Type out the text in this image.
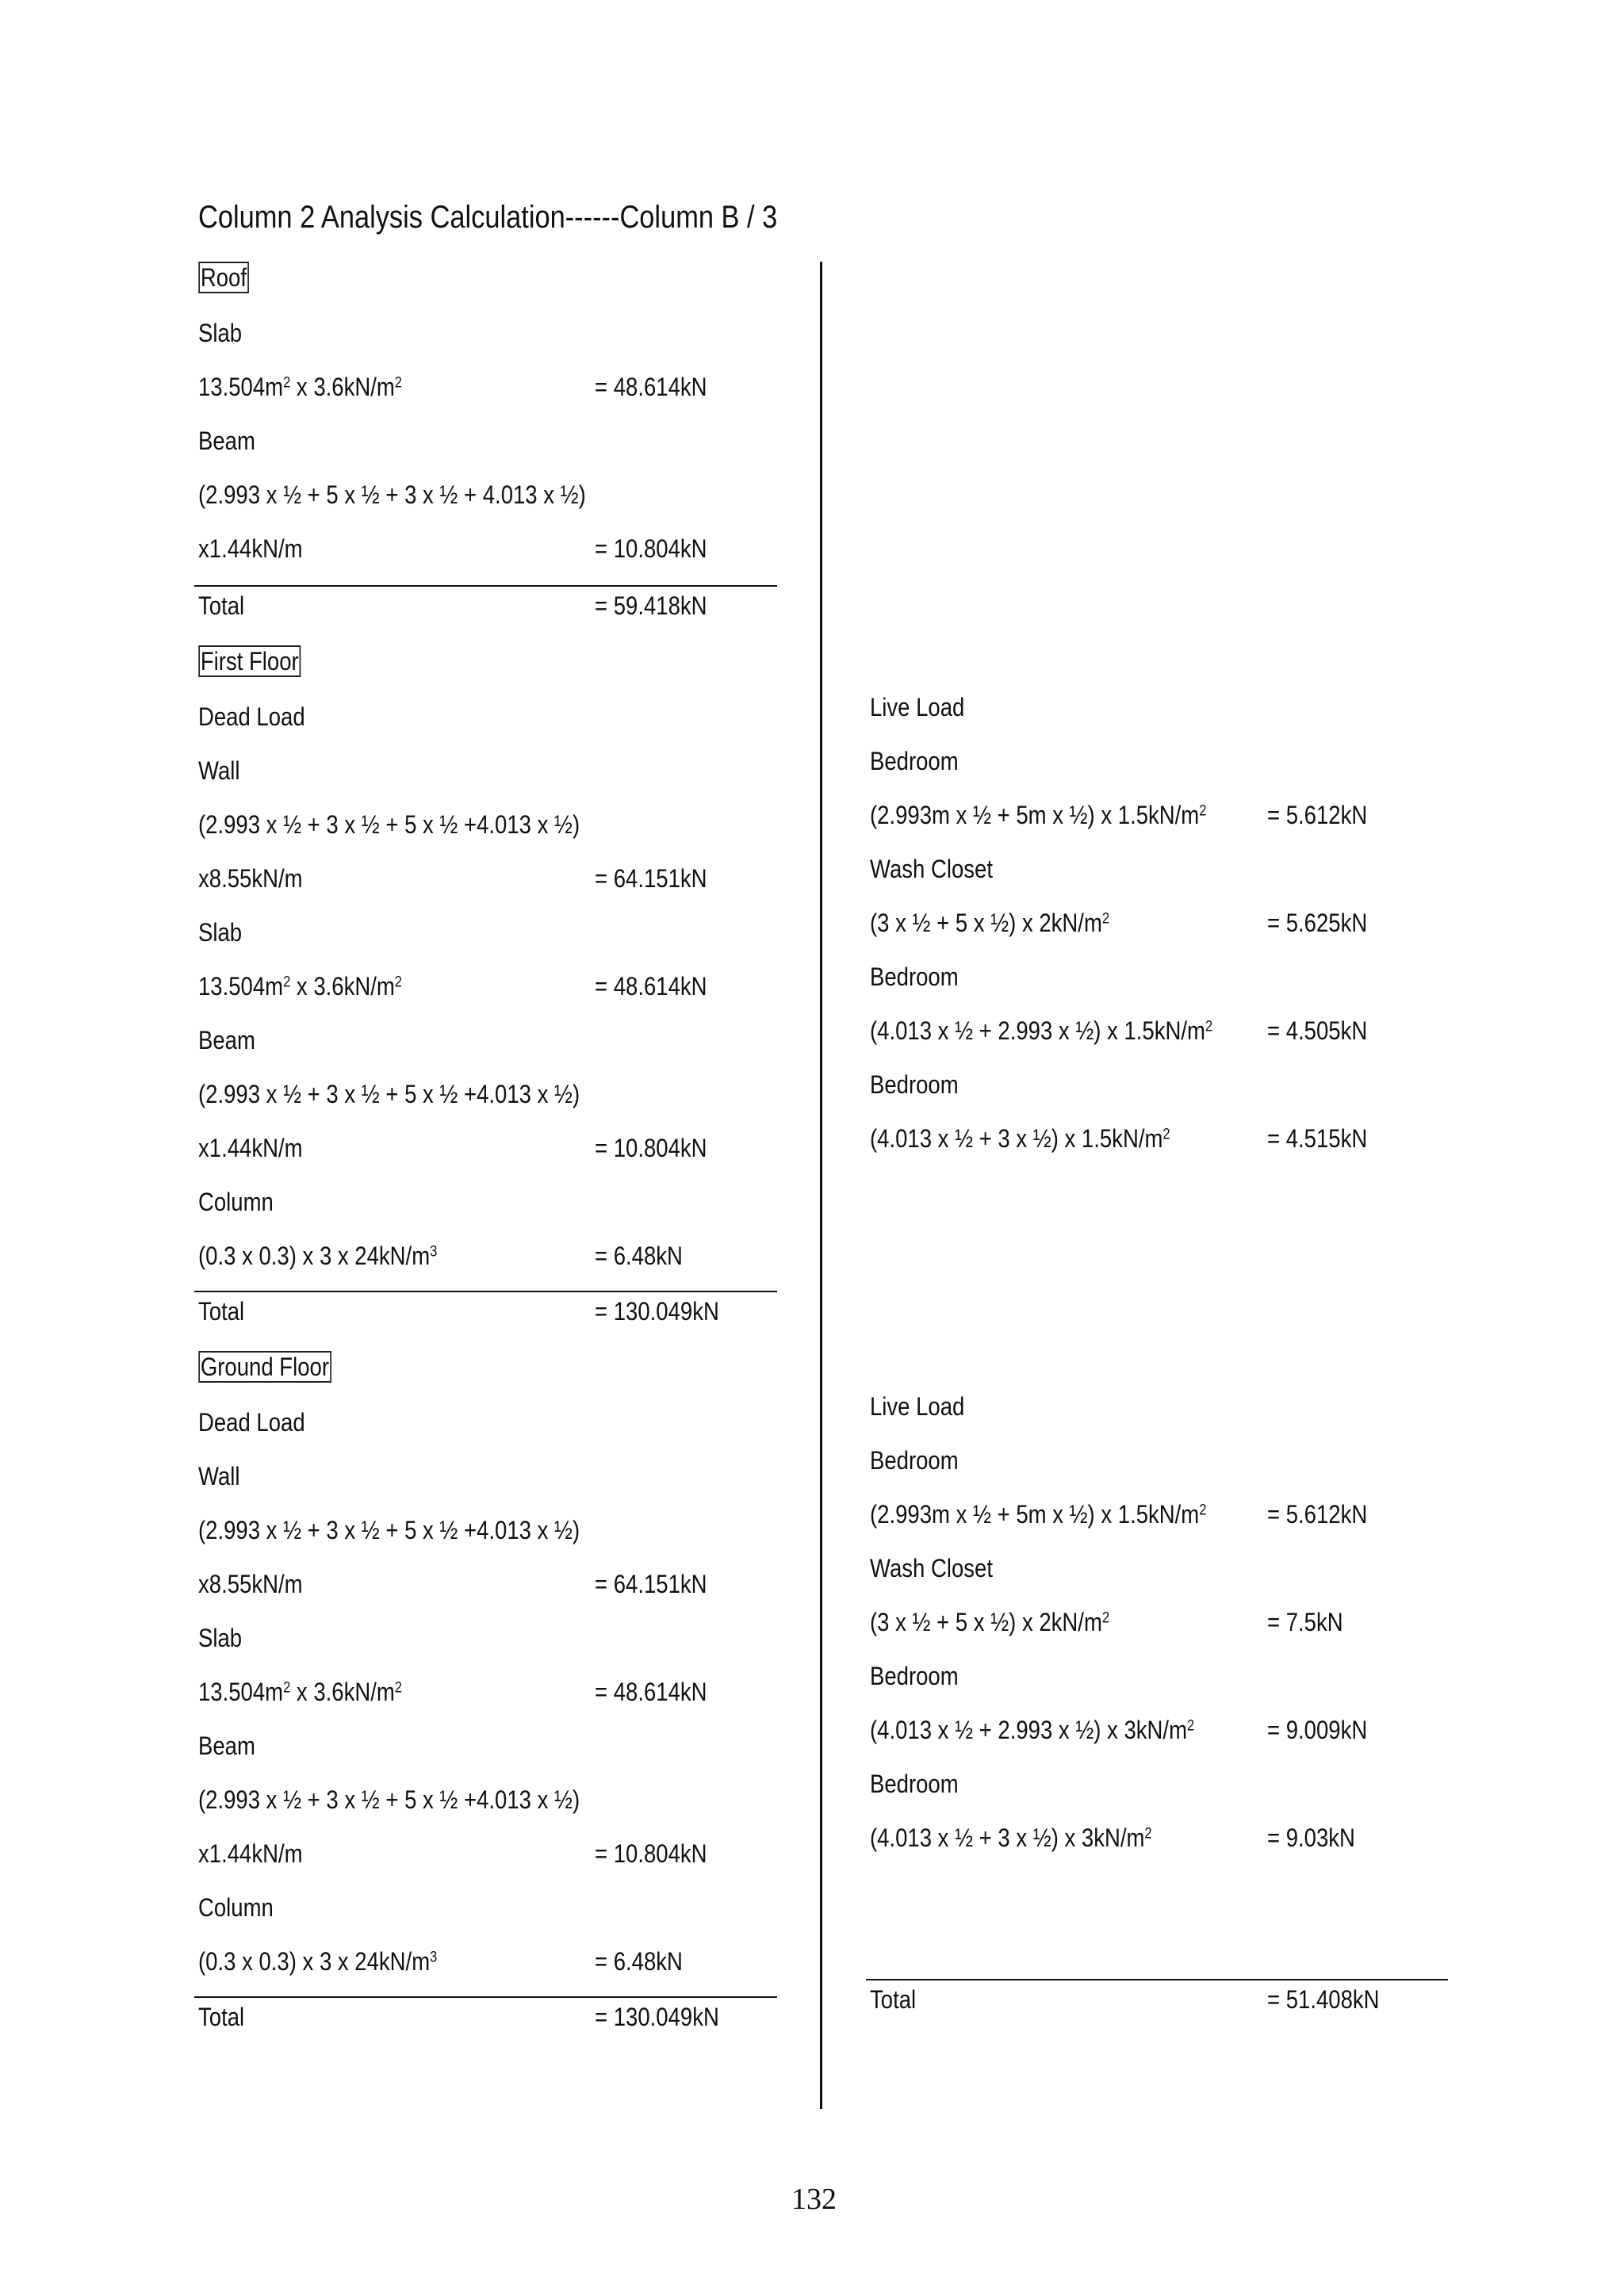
Column 2 Analysis Calculation------Column B / 3
Roof
Slab
$13.504m^2$ x $3.6kN/m^2$	= 48.614kN
Beam
(2.993 x ½ + 5 x ½ + 3 x ½ + 4.013 x ½)
x1.44kN/m	= 10.804kN
Total	= 59.418kN
First Floor
Dead Load
Wall
(2.993 x ½ + 3 x ½ + 5 x ½ +4.013 x ½)
x8.55kN/m	= 64.151kN
Slab
$13.504m^2$ x $3.6kN/m^2$	= 48.614kN
Beam
(2.993 x ½ + 3 x ½ + 5 x ½ +4.013 x ½)
x1.44kN/m	= 10.804kN
Column
(0.3 x 0.3) x 3 x $24kN/m^3$	= 6.48kN
Total	= 130.049kN
Live Load
Bedroom
(2.993m x ½ + 5m x ½) x $1.5kN/m^2 = 5.612kN$
Wash Closet
(3 x ½ + 5 x ½) x $2kN/m^2$	= 5.625kN
Bedroom
(4.013 x ½ + 2.993 x ½) x $1.5kN/m^2 = 4.505kN$
Bedroom
(4.013 x ½ + 3 x ½) x $1.5kN/m^2$	= 4.515kN
Ground Floor
Dead Load
Wall
(2.993 x ½ + 3 x ½ + 5 x ½ +4.013 x ½)
x8.55kN/m	= 64.151kN
Slab
$13.504m^2$ x $3.6kN/m^2$	= 48.614kN
Beam
(2.993 x ½ + 3 x ½ + 5 x ½ +4.013 x ½)
x1.44kN/m	= 10.804kN
Column
(0.3 x 0.3) x 3 x $24kN/m^3$	= 6.48kN
Total	= 130.049kN
Live Load
Bedroom
(2.993m x ½ + 5m x ½) x $1.5kN/m^2 = 5.612kN$
Wash Closet
(3 x ½ + 5 x ½) x $2kN/m^2$	= 7.5kN
Bedroom
(4.013 x ½ + 2.993 x ½) x $3kN/m^2$	= 9.009kN
Bedroom
(4.013 x ½ + 3 x ½) x $3kN/m^2$	= 9.03kN
Total	= 51.408kN
132
